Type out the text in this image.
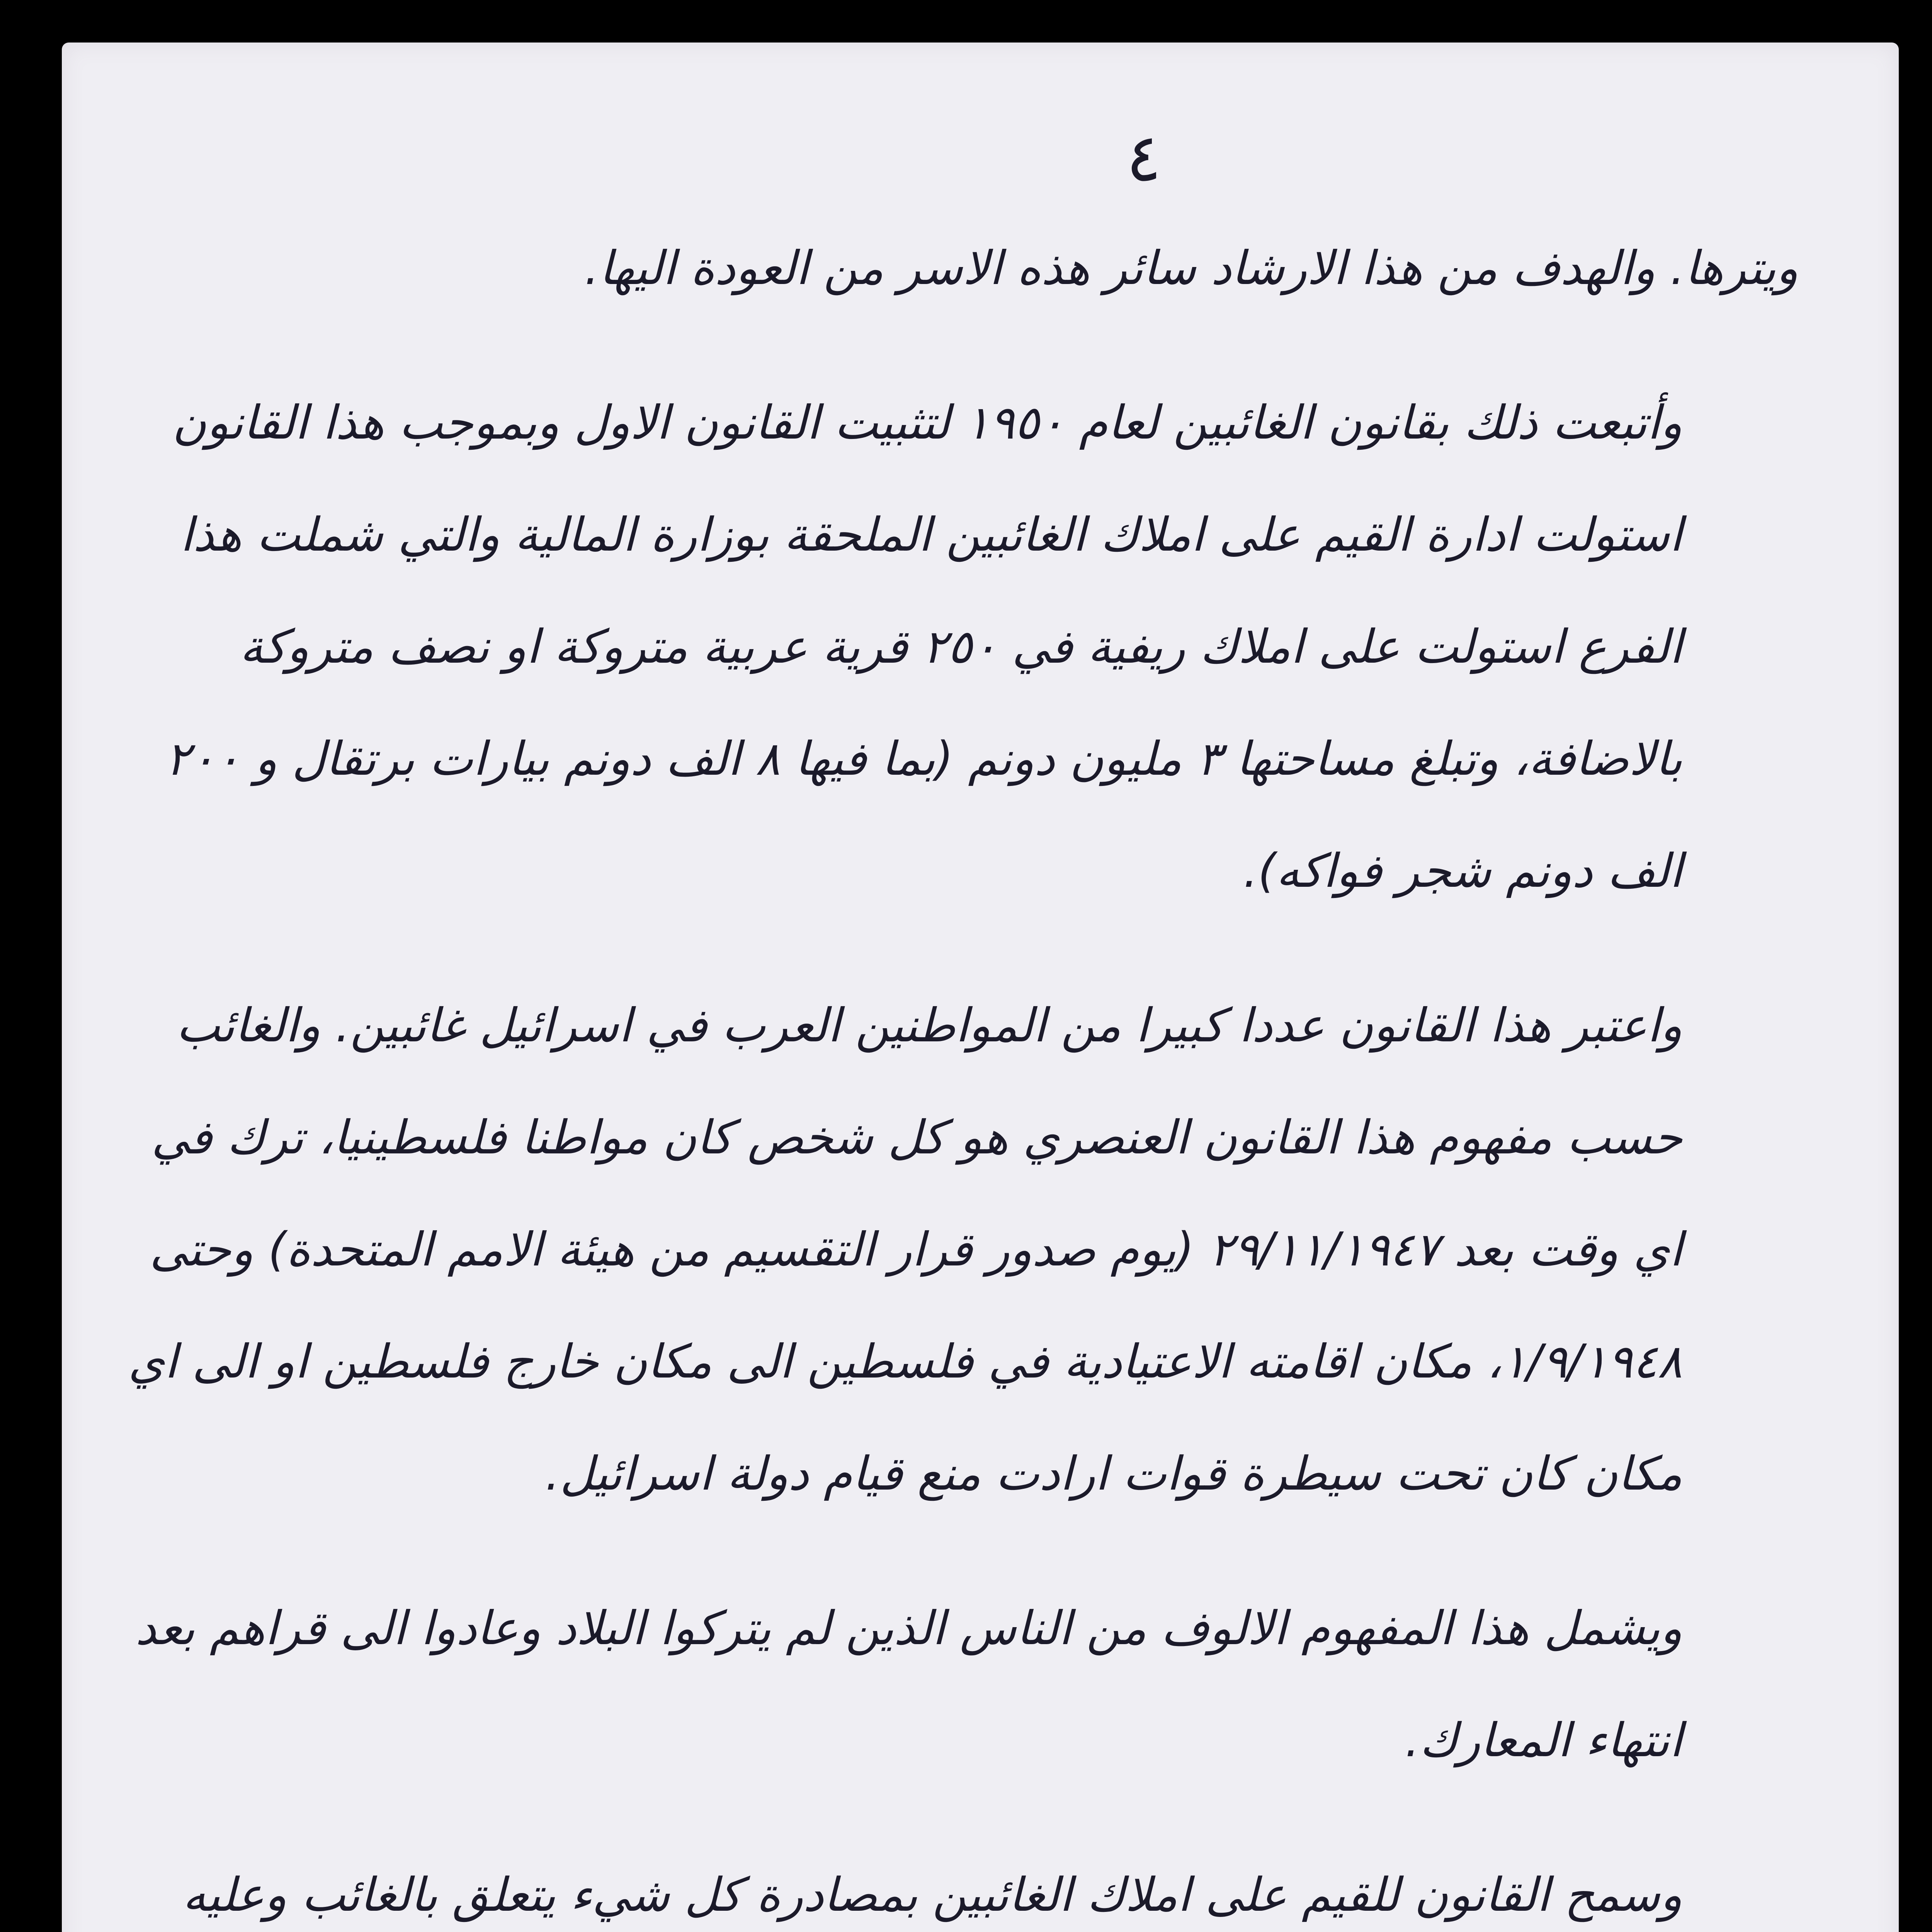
٤

ويترها. والهدف من هذا الارشاد سائر هذه الاسر من العودة اليها.

وأتبعت ذلك بقانون الغائبين لعام ١٩٥٠ لتثبيت القانون الاول وبموجب هذا القانون استولت ادارة القيم على املاك الغائبين الملحقة بوزارة المالية والتي شملت هذا الفرع استولت على املاك ريفية في ٢٥٠ قرية عربية متروكة او نصف متروكة بالاضافة، وتبلغ مساحتها ٣ مليون دونم (بما فيها ٨ الف دونم بيارات برتقال و ٢٠٠ الف دونم شجر فواكه).

واعتبر هذا القانون عددا كبيرا من المواطنين العرب في اسرائيل غائبين. والغائب حسب مفهوم هذا القانون العنصري هو كل شخص كان مواطنا فلسطينيا، ترك في اي وقت بعد ٢٩/١١/١٩٤٧ (يوم صدور قرار التقسيم من هيئة الامم المتحدة) وحتى ١/٩/١٩٤٨، مكان اقامته الاعتيادية في فلسطين الى مكان خارج فلسطين او الى اي مكان كان تحت سيطرة قوات ارادت منع قيام دولة اسرائيل.

ويشمل هذا المفهوم الالوف من الناس الذين لم يتركوا البلاد وعادوا الى قراهم بعد انتهاء المعارك.

وسمح القانون للقيم على املاك الغائبين بمصادرة كل شيء يتعلق بالغائب وعليه
